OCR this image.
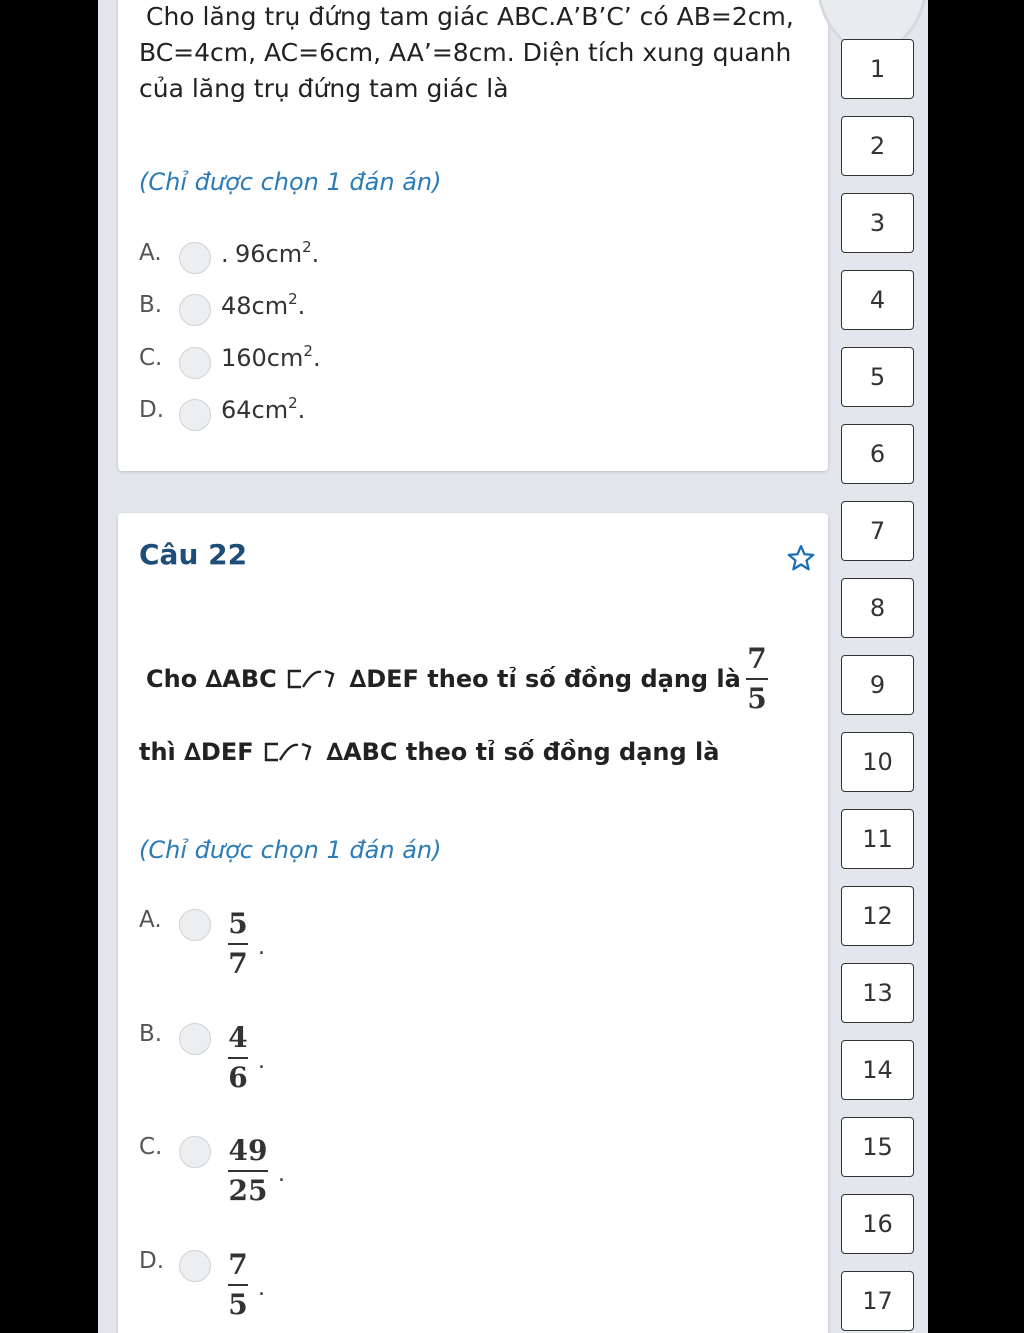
Cho lăng trụ đứng tam giác ABC.A’B’C’ có AB=2cm,
BC=4cm, AC=6cm, AA’=8cm. Diện tích xung quanh
của lăng trụ đứng tam giác là
(Chỉ được chọn 1 đán án)
A. . $96cm^2$.
B. $48cm^2$.
C. $160cm^2$.
D. $64cm^2$.
Câu 22
Cho ∆ABC	∆DEF theo tỉ số đồng dạng là
7
5
thì ∆DEF	∆ABC theo tỉ số đồng dạng là
(Chỉ được chọn 1 đán án)
A. 5
7 .
B. 4
6 .
C. 49
25 .
D. 7
5 .
1
2
3
4
5
6
7
8
9
10
11
12
13
14
15
16
17
